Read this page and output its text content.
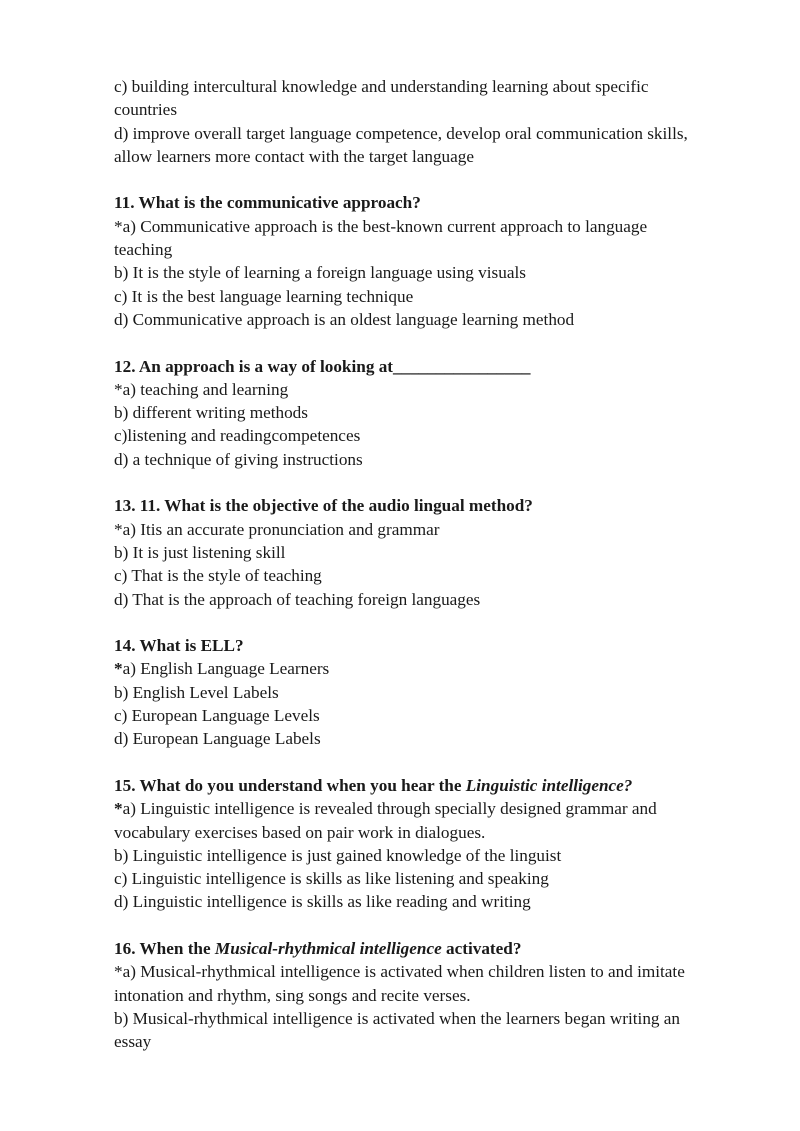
c) building intercultural knowledge and understanding learning about specific
countries
d) improve overall target language competence, develop oral communication skills,
allow learners more contact with the target language
11. What is the communicative approach?
*a) Communicative approach is the best-known current approach to language
teaching
b) It is the style of learning a foreign language using visuals
c) It is the best language learning technique
d) Communicative approach is an oldest language learning method
12. An approach is a way of looking at________________
*a) teaching and learning
b) different writing methods
c)listening and readingcompetences
d) a technique of giving instructions
13. 11. What is the objective of the audio lingual method?
*a) Itis an accurate pronunciation and grammar
b) It is just listening skill
c) That is the style of teaching
d) That is the approach of teaching foreign languages
14. What is ELL?
*a) English Language Learners
b) English Level Labels
c) European Language Levels
d) European Language Labels
15. What do you understand when you hear the Linguistic intelligence?
*a) Linguistic intelligence is revealed through specially designed grammar and
vocabulary exercises based on pair work in dialogues.
b) Linguistic intelligence is just gained knowledge of the linguist
c) Linguistic intelligence is skills as like listening and speaking
d) Linguistic intelligence is skills as like reading and writing
16. When the Musical-rhythmical intelligence activated?
*a) Musical-rhythmical intelligence is activated when children listen to and imitate
intonation and rhythm, sing songs and recite verses.
b) Musical-rhythmical intelligence is activated when the learners began writing an
essay
